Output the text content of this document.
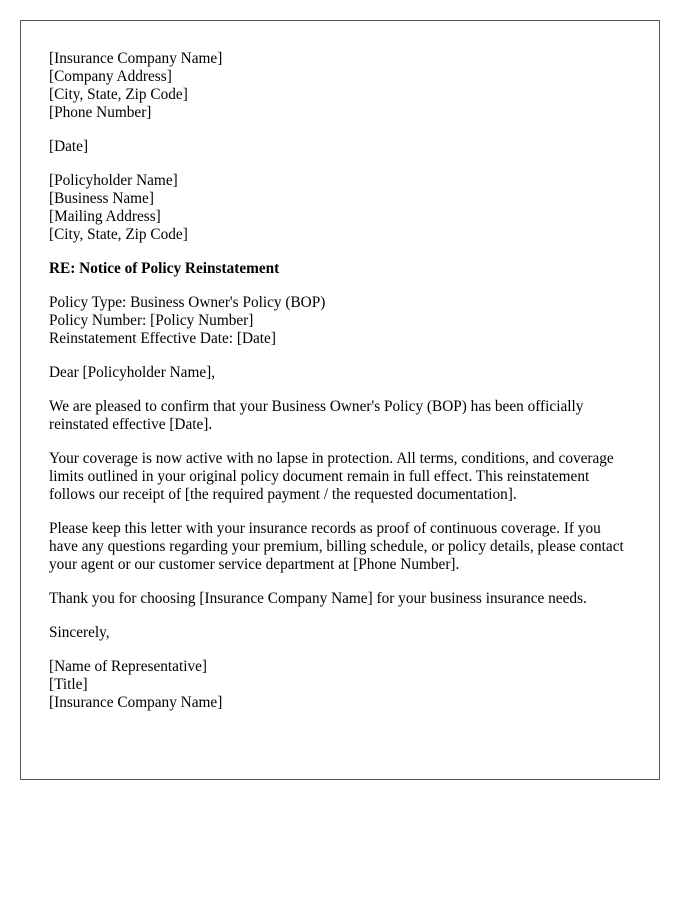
[Insurance Company Name]
[Company Address]
[City, State, Zip Code]
[Phone Number]
[Date]
[Policyholder Name]
[Business Name]
[Mailing Address]
[City, State, Zip Code]
RE: Notice of Policy Reinstatement
Policy Type: Business Owner's Policy (BOP)
Policy Number: [Policy Number]
Reinstatement Effective Date: [Date]
Dear [Policyholder Name],

We are pleased to confirm that your Business Owner's Policy (BOP) has been officially reinstated effective [Date].

Your coverage is now active with no lapse in protection. All terms, conditions, and coverage limits outlined in your original policy document remain in full effect. This reinstatement follows our receipt of [the required payment / the requested documentation].

Please keep this letter with your insurance records as proof of continuous coverage. If you have any questions regarding your premium, billing schedule, or policy details, please contact your agent or our customer service department at [Phone Number].

Thank you for choosing [Insurance Company Name] for your business insurance needs.

Sincerely,
[Name of Representative]
[Title]
[Insurance Company Name]
